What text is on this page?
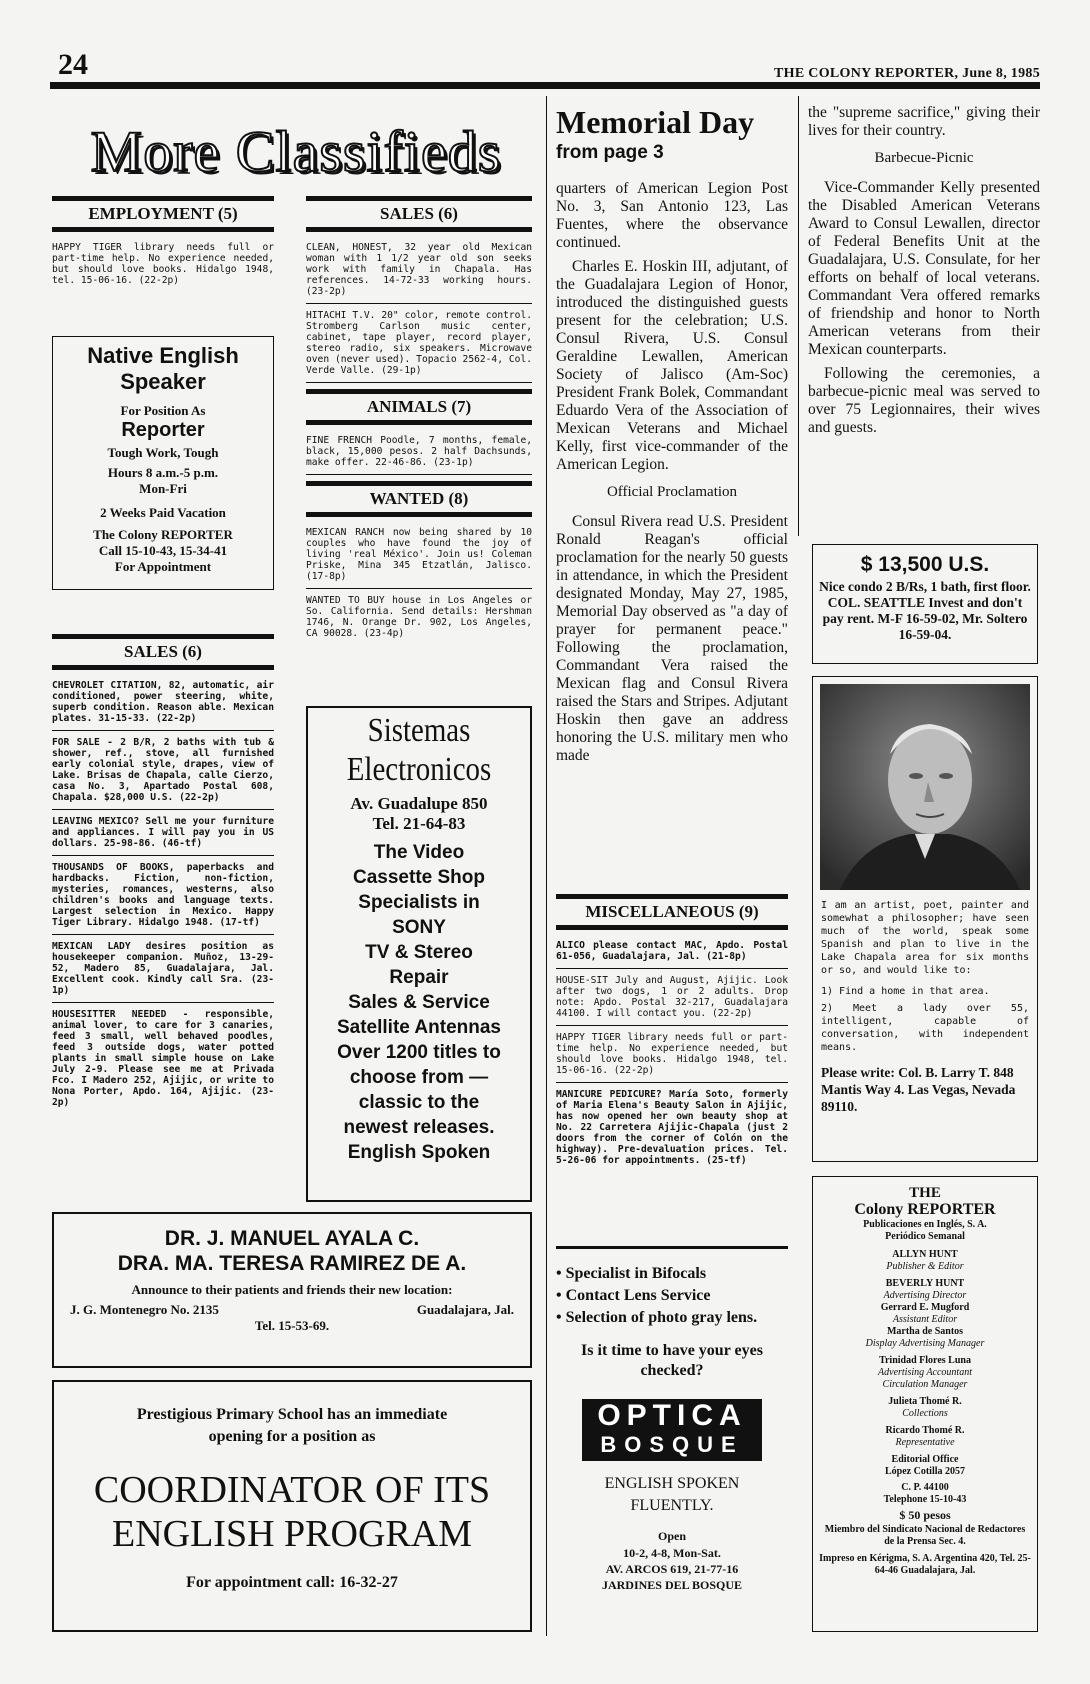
24	THE COLONY REPORTER, June 8, 1985
More Classifieds
EMPLOYMENT (5)

HAPPY TIGER library needs full or part-time help. No experience needed, but should love books. Hidalgo 1948, tel. 15-06-16. (22-2p)

Native English
Speaker
For Position As
Reporter
Tough Work, Tough
Hours 8 a.m.-5 p.m.
Mon-Fri
2 Weeks Paid Vacation
The Colony REPORTER
Call 15-10-43, 15-34-41
For Appointment
SALES (6)

CHEVROLET CITATION, 82, automatic, air conditioned, power steering, white, superb condition. Reason able. Mexican plates. 31-15-33. (22-2p)

FOR SALE - 2 B/R, 2 baths with tub & shower, ref., stove, all furnished early colonial style, drapes, view of Lake. Brisas de Chapala, calle Cierzo, casa No. 3, Apartado Postal 608, Chapala. $28,000 U.S. (22-2p)

LEAVING MEXICO? Sell me your furniture and appliances. I will pay you in US dollars. 25-98-86. (46-tf)

THOUSANDS OF BOOKS, paperbacks and hardbacks. Fiction, non-fiction, mysteries, romances, westerns, also children's books and language texts. Largest selection in Mexico. Happy Tiger Library. Hidalgo 1948. (17-tf)

MEXICAN LADY desires position as housekeeper companion. Muñoz, 13-29-52, Madero 85, Guadalajara, Jal. Excellent cook. Kindly call Sra. (23-1p)

HOUSESITTER NEEDED - responsible, animal lover, to care for 3 canaries, feed 3 small, well behaved poodles, feed 3 outside dogs, water potted plants in small simple house on Lake July 2-9. Please see me at Privada Fco. I Madero 252, Ajijic, or write to Nona Porter, Apdo. 164, Ajijic. (23-2p)

SALES (6)

CLEAN, HONEST, 32 year old Mexican woman with 1 1/2 year old son seeks work with family in Chapala. Has references. 14-72-33 working hours. (23-2p)

HITACHI T.V. 20" color, remote control. Stromberg Carlson music center, cabinet, tape player, record player, stereo radio, six speakers. Microwave oven (never used). Topacio 2562-4, Col. Verde Valle. (29-1p)

ANIMALS (7)

FINE FRENCH Poodle, 7 months, female, black, 15,000 pesos. 2 half Dachsunds, make offer. 22-46-86. (23-1p)

WANTED (8)

MEXICAN RANCH now being shared by 10 couples who have found the joy of living 'real México'. Join us! Coleman Priske, Mina 345 Etzatlán, Jalisco. (17-8p)

WANTED TO BUY house in Los Angeles or So. California. Send details: Hershman 1746, N. Orange Dr. 902, Los Angeles, CA 90028. (23-4p)

Sistemas
Electronicos
Av. Guadalupe 850
Tel. 21-64-83
The Video
Cassette Shop
Specialists in
SONY
TV & Stereo
Repair
Sales & Service
Satellite Antennas
Over 1200 titles to
choose from —
classic to the
newest releases.
English Spoken
DR. J. MANUEL AYALA C.
DRA. MA. TERESA RAMIREZ DE A.
Announce to their patients and friends their new location:
J. G. Montenegro No. 2135	Guadalajara, Jal.
Tel. 15-53-69.
Prestigious Primary School has an immediate
opening for a position as
COORDINATOR OF ITS
ENGLISH PROGRAM
For appointment call: 16-32-27
Memorial Day
from page 3

quarters of American Legion Post No. 3, San Antonio 123, Las Fuentes, where the observance continued.

Charles E. Hoskin III, adjutant, of the Guadalajara Legion of Honor, introduced the distinguished guests present for the celebration; U.S. Consul Rivera, U.S. Consul Geraldine Lewallen, American Society of Jalisco (Am-Soc) President Frank Bolek, Commandant Eduardo Vera of the Association of Mexican Veterans and Michael Kelly, first vice-commander of the American Legion.

Official Proclamation

Consul Rivera read U.S. President Ronald Reagan's official proclamation for the nearly 50 guests in attendance, in which the President designated Monday, May 27, 1985, Memorial Day observed as "a day of prayer for permanent peace." Following the proclamation, Commandant Vera raised the Mexican flag and Consul Rivera raised the Stars and Stripes. Adjutant Hoskin then gave an address honoring the U.S. military men who made

MISCELLANEOUS (9)

ALICO please contact MAC, Apdo. Postal 61-056, Guadalajara, Jal. (21-8p)

HOUSE-SIT July and August, Ajijic. Look after two dogs, 1 or 2 adults. Drop note: Apdo. Postal 32-217, Guadalajara 44100. I will contact you. (22-2p)

HAPPY TIGER library needs full or part-time help. No experience needed, but should love books. Hidalgo 1948, tel. 15-06-16. (22-2p)

MANICURE PEDICURE? María Soto, formerly of Maria Elena's Beauty Salon in Ajijic, has now opened her own beauty shop at No. 22 Carretera Ajijic-Chapala (just 2 doors from the corner of Colón on the highway). Pre-devaluation prices. Tel. 5-26-06 for appointments. (25-tf)

• Specialist in Bifocals
• Contact Lens Service
• Selection of photo gray lens.
Is it time to have your eyes checked?
OPTICA
BOSQUE
ENGLISH SPOKEN
FLUENTLY.
Open
10-2, 4-8, Mon-Sat.
AV. ARCOS 619, 21-77-16
JARDINES DEL BOSQUE

the "supreme sacrifice," giving their lives for their country.

Barbecue-Picnic

Vice-Commander Kelly presented the Disabled American Veterans Award to Consul Lewallen, director of Federal Benefits Unit at the Guadalajara, U.S. Consulate, for her efforts on behalf of local veterans. Commandant Vera offered remarks of friendship and honor to North American veterans from their Mexican counterparts.

Following the ceremonies, a barbecue-picnic meal was served to over 75 Legionnaires, their wives and guests.

$ 13,500 U.S.
Nice condo 2 B/Rs, 1 bath, first floor. COL. SEATTLE Invest and don't pay rent. M-F 16-59-02, Mr. Soltero 16-59-04.
I am an artist, poet, painter and somewhat a philosopher; have seen much of the world, speak some Spanish and plan to live in the Lake Chapala area for six months or so, and would like to:
1) Find a home in that area.
2) Meet a lady over 55, intelligent, capable of conversation, with independent means.
Please write: Col. B. Larry T. 848 Mantis Way 4. Las Vegas, Nevada 89110.
THE
Colony REPORTER
Publicaciones en Inglés, S. A.
Periódico Semanal
ALLYN HUNT
Publisher & Editor
BEVERLY HUNT
Advertising Director
Gerrard E. Mugford
Assistant Editor
Martha de Santos
Display Advertising Manager
Trinidad Flores Luna
Advertising Accountant
Circulation Manager
Julieta Thomé R.
Collections
Ricardo Thomé R.
Representative
Editorial Office
López Cotilla 2057
C. P. 44100
Telephone 15-10-43
$ 50 pesos
Miembro del Sindicato Nacional de Redactores de la Prensa Sec. 4.
Impreso en Kérigma, S. A. Argentina 420, Tel. 25-64-46 Guadalajara, Jal.
